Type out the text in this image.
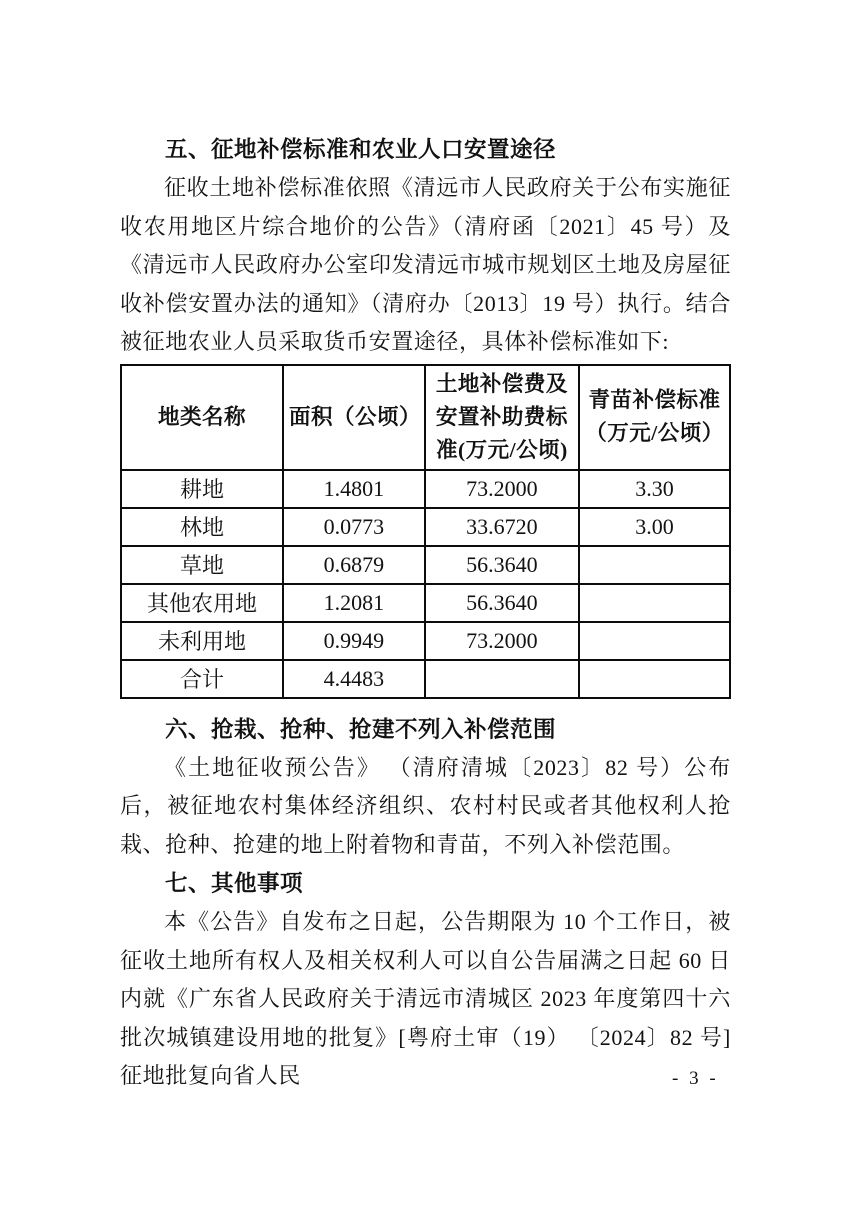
五、征地补偿标准和农业人口安置途径

征收土地补偿标准依照《清远市人民政府关于公布实施征收农用地区片综合地价的公告》（清府函〔2021〕45 号）及《清远市人民政府办公室印发清远市城市规划区土地及房屋征收补偿安置办法的通知》（清府办〔2013〕19 号）执行。结合被征地农业人员采取货币安置途径，具体补偿标准如下:

地类名称	面积（公顷）	土地补偿费及安置补助费标准(万元/公顷)	青苗补偿标准（万元/公顷）
耕地	1.4801	73.2000	3.30
林地	0.0773	33.6720	3.00
草地	0.6879	56.3640	
其他农用地	1.2081	56.3640	
未利用地	0.9949	73.2000	
合计	4.4483		
六、抢栽、抢种、抢建不列入补偿范围

《土地征收预公告》 （清府清城〔2023〕82 号）公布后，被征地农村集体经济组织、农村村民或者其他权利人抢栽、抢种、抢建的地上附着物和青苗，不列入补偿范围。

七、其他事项

本《公告》自发布之日起，公告期限为 10 个工作日，被征收土地所有权人及相关权利人可以自公告届满之日起 60 日内就《广东省人民政府关于清远市清城区 2023 年度第四十六批次城镇建设用地的批复》[粤府土审（19） 〔2024〕82 号]征地批复向省人民	- 3 -
